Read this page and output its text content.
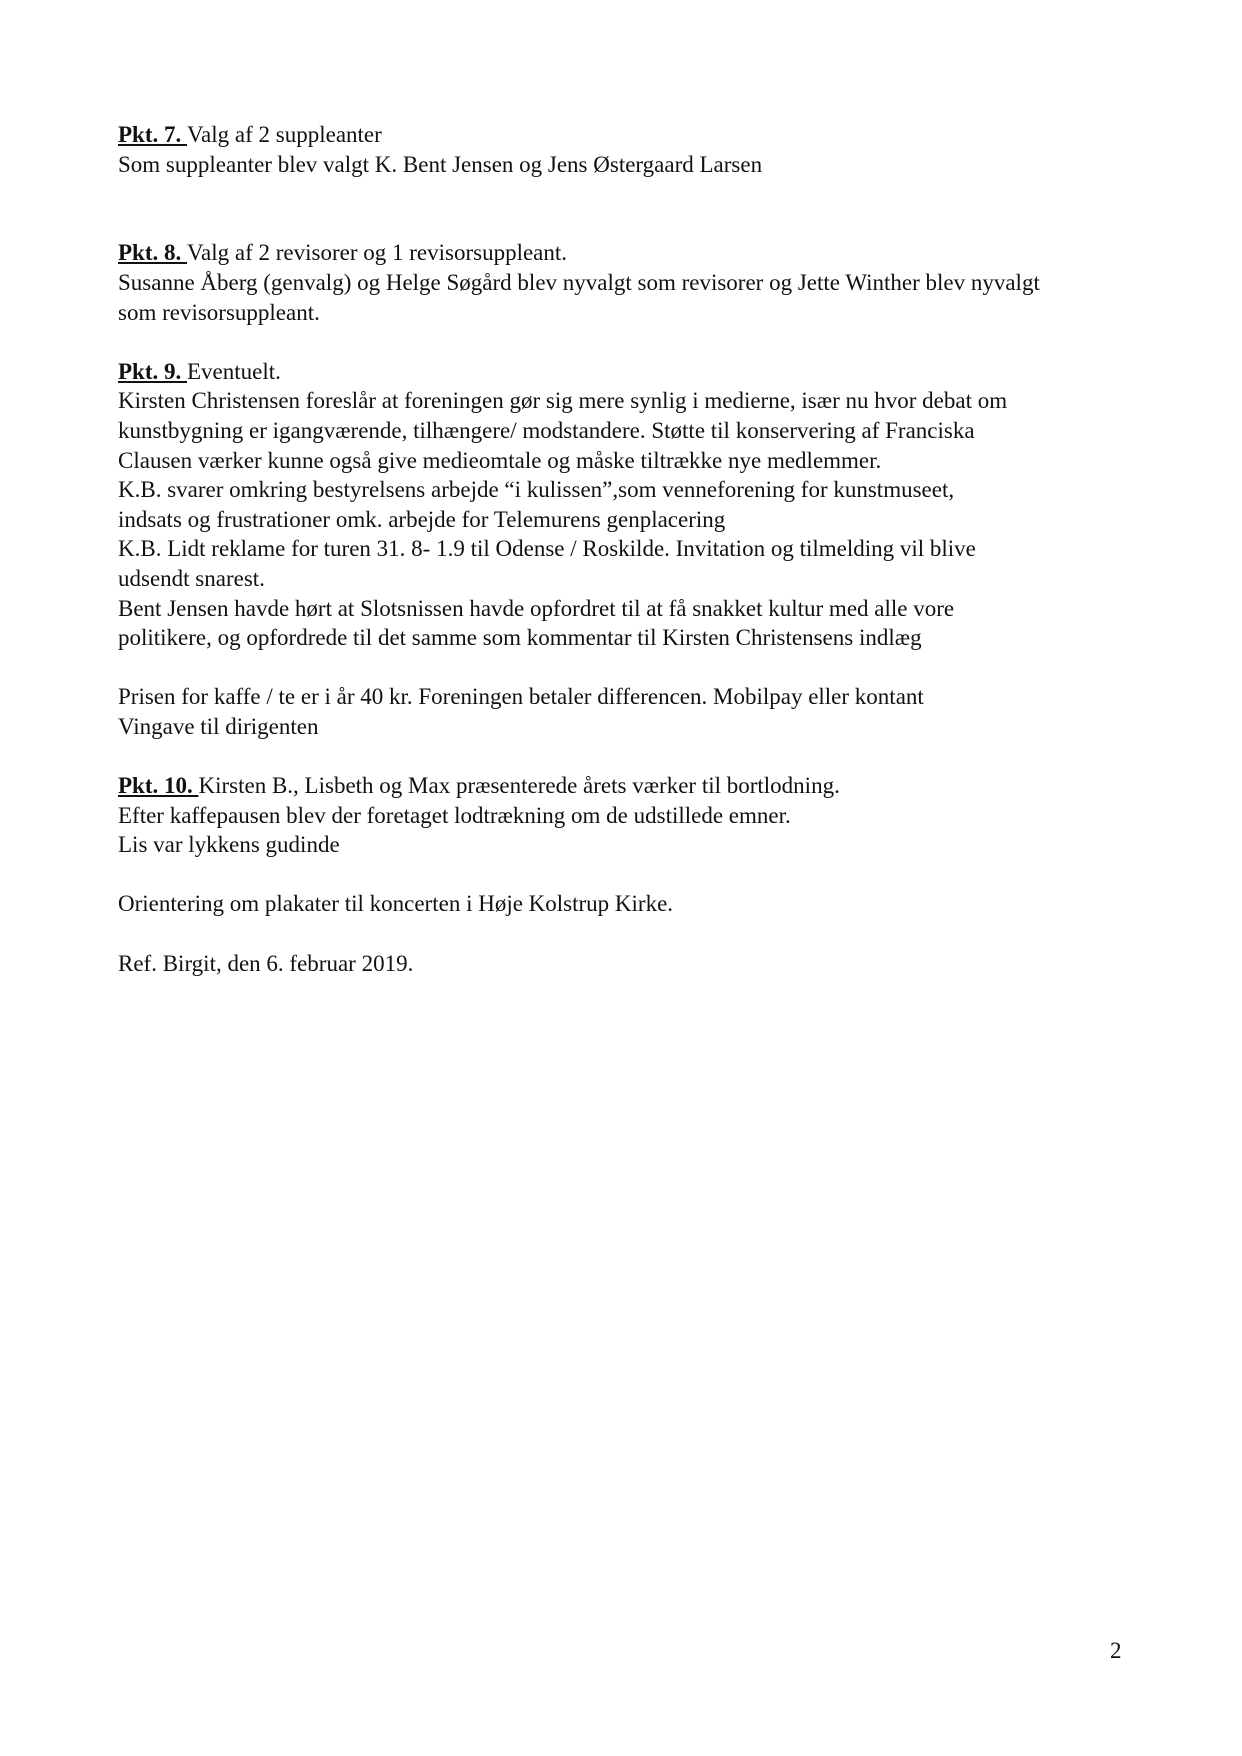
Pkt. 7. Valg af 2 suppleanter
Som suppleanter blev valgt K. Bent Jensen og Jens Østergaard Larsen
Pkt. 8. Valg af 2 revisorer og 1 revisorsuppleant.
Susanne Åberg (genvalg) og Helge Søgård blev nyvalgt som revisorer og Jette Winther blev nyvalgt
som revisorsuppleant.
Pkt. 9. Eventuelt.
Kirsten Christensen foreslår at foreningen gør sig mere synlig i medierne, især nu hvor debat om
kunstbygning er igangværende, tilhængere/ modstandere. Støtte til konservering af Franciska
Clausen værker kunne også give medieomtale og måske tiltrække nye medlemmer.
K.B. svarer omkring bestyrelsens arbejde “i kulissen”,som venneforening for kunstmuseet,
indsats og frustrationer omk. arbejde for Telemurens genplacering
K.B. Lidt reklame for turen 31. 8- 1.9 til Odense / Roskilde. Invitation og tilmelding vil blive
udsendt snarest.
Bent Jensen havde hørt at Slotsnissen havde opfordret til at få snakket kultur med alle vore
politikere, og opfordrede til det samme som kommentar til Kirsten Christensens indlæg
Prisen for kaffe / te er i år 40 kr. Foreningen betaler differencen. Mobilpay eller kontant
Vingave til dirigenten
Pkt. 10. Kirsten B., Lisbeth og Max præsenterede årets værker til bortlodning.
Efter kaffepausen blev der foretaget lodtrækning om de udstillede emner.
Lis var lykkens gudinde
Orientering om plakater til koncerten i Høje Kolstrup Kirke.
Ref. Birgit, den 6. februar 2019.
2
